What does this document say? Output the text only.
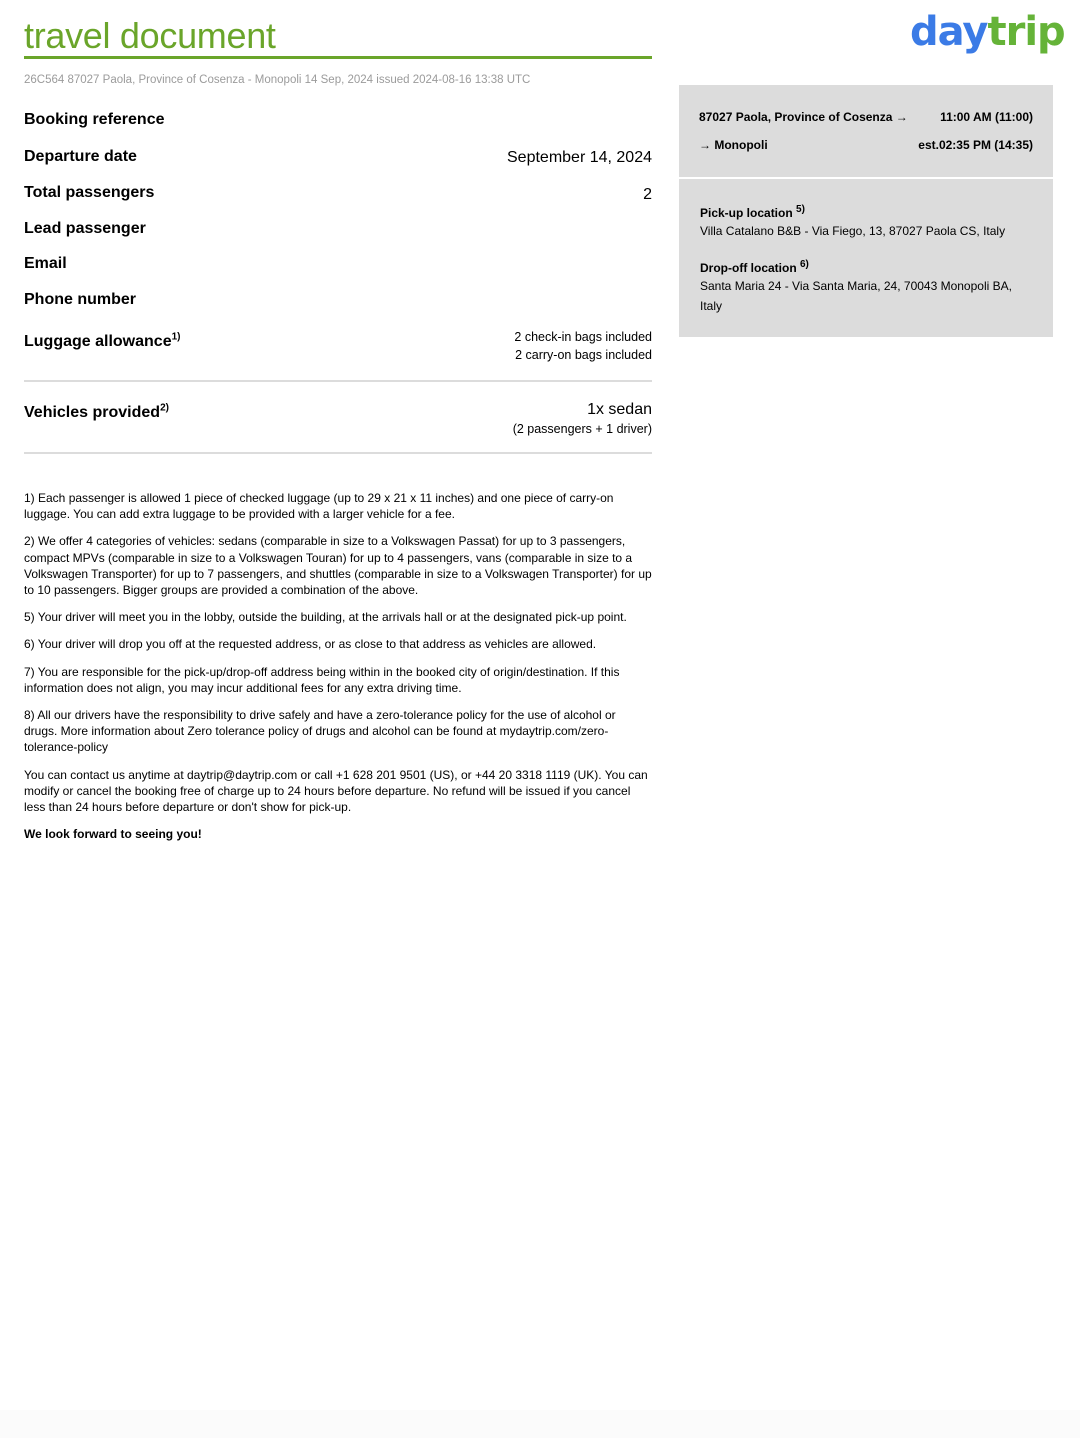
travel document	daytrip
26C564 87027 Paola, Province of Cosenza - Monopoli 14 Sep, 2024 issued 2024-08-16 13:38 UTC
Booking reference
Departure date	September 14, 2024
Total passengers	2
Lead passenger
Email
Phone number
Luggage allowance$^{1)}$	2 check-in bags included
2 carry-on bags included
Vehicles provided$^{2)}$	1x sedan
(2 passengers + 1 driver)

1) Each passenger is allowed 1 piece of checked luggage (up to 29 x 21 x 11 inches) and one piece of carry-on luggage. You can add extra luggage to be provided with a larger vehicle for a fee.

2) We offer 4 categories of vehicles: sedans (comparable in size to a Volkswagen Passat) for up to 3 passengers, compact MPVs (comparable in size to a Volkswagen Touran) for up to 4 passengers, vans (comparable in size to a Volkswagen Transporter) for up to 7 passengers, and shuttles (comparable in size to a Volkswagen Transporter) for up to 10 passengers. Bigger groups are provided a combination of the above.

5) Your driver will meet you in the lobby, outside the building, at the arrivals hall or at the designated pick-up point.

6) Your driver will drop you off at the requested address, or as close to that address as vehicles are allowed.

7) You are responsible for the pick-up/drop-off address being within in the booked city of origin/destination. If this information does not align, you may incur additional fees for any extra driving time.

8) All our drivers have the responsibility to drive safely and have a zero-tolerance policy for the use of alcohol or drugs. More information about Zero tolerance policy of drugs and alcohol can be found at mydaytrip.com/zero-tolerance-policy

You can contact us anytime at daytrip@daytrip.com or call +1 628 201 9501 (US), or +44 20 3318 1119 (UK). You can modify or cancel the booking free of charge up to 24 hours before departure. No refund will be issued if you cancel less than 24 hours before departure or don't show for pick-up.

We look forward to seeing you!

87027 Paola, Province of Cosenza →	11:00 AM (11:00)
→ Monopoli	est.02:35 PM (14:35)
Pick-up location $^{5)}$
Villa Catalano B&B - Via Fiego, 13, 87027 Paola CS, Italy
Drop-off location $^{6)}$
Santa Maria 24 - Via Santa Maria, 24, 70043 Monopoli BA, Italy
